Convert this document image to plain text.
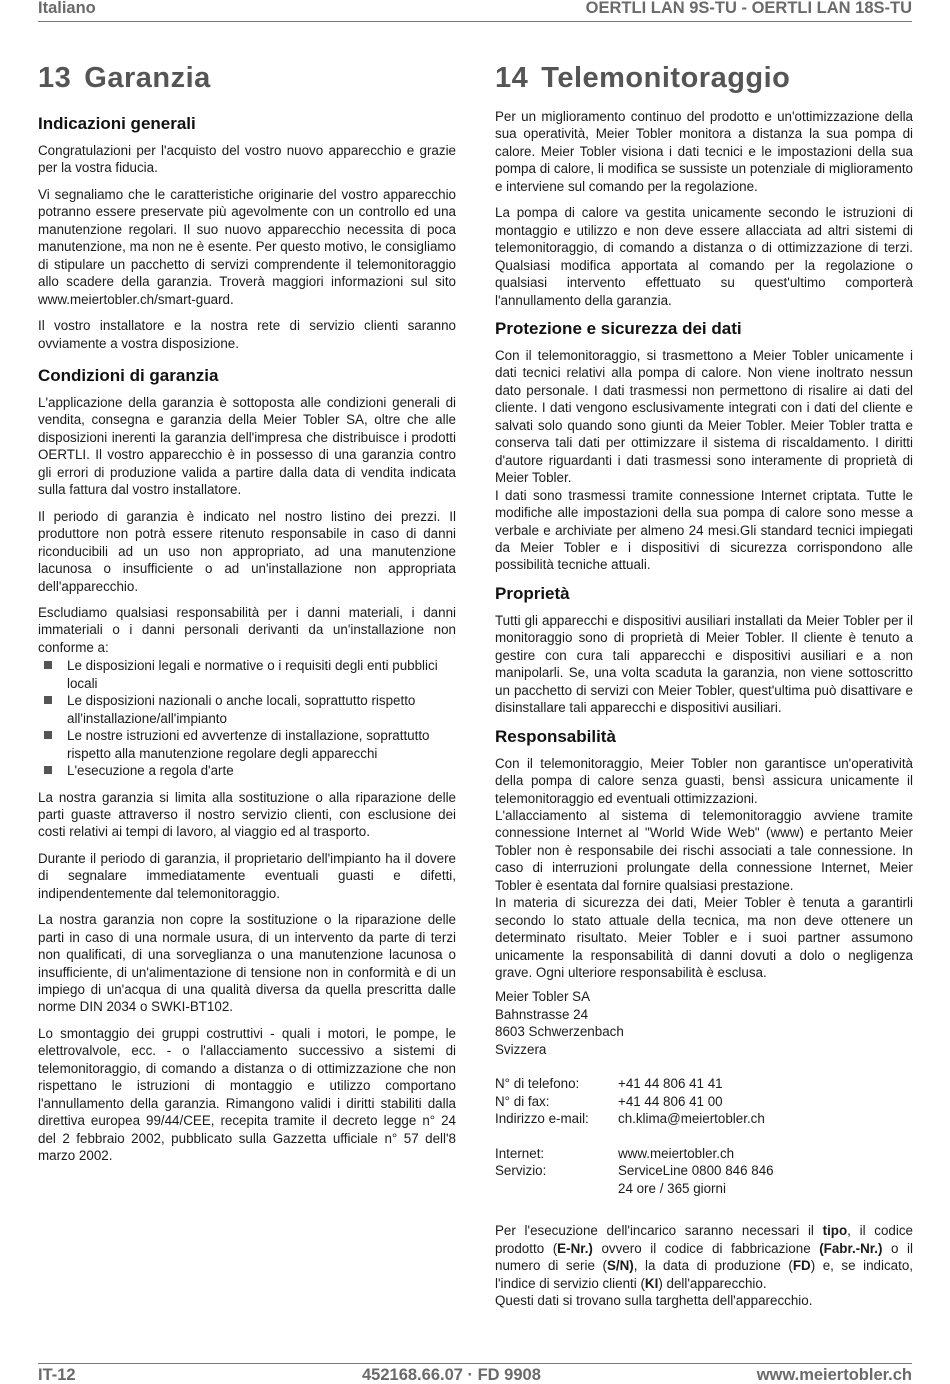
Italiano	OERTLI LAN 9S-TU - OERTLI LAN 18S-TU
13 Garanzia
Indicazioni generali

Congratulazioni per l'acquisto del vostro nuovo apparecchio e grazie per la vostra fiducia.

Vi segnaliamo che le caratteristiche originarie del vostro apparecchio potranno essere preservate più agevolmente con un controllo ed una manutenzione regolari. Il suo nuovo apparecchio necessita di poca manutenzione, ma non ne è esente. Per questo motivo, le consigliamo di stipulare un pacchetto di servizi comprendente il telemonitoraggio allo scadere della garanzia. Troverà maggiori informazioni sul sito www.meiertobler.ch/smart-guard.

Il vostro installatore e la nostra rete di servizio clienti saranno ovviamente a vostra disposizione.

Condizioni di garanzia

L'applicazione della garanzia è sottoposta alle condizioni generali di vendita, consegna e garanzia della Meier Tobler SA, oltre che alle disposizioni inerenti la garanzia dell'impresa che distribuisce i prodotti OERTLI. Il vostro apparecchio è in possesso di una garanzia contro gli errori di produzione valida a partire dalla data di vendita indicata sulla fattura dal vostro installatore.

Il periodo di garanzia è indicato nel nostro listino dei prezzi. Il produttore non potrà essere ritenuto responsabile in caso di danni riconducibili ad un uso non appropriato, ad una manutenzione lacunosa o insufficiente o ad un'installazione non appropriata dell'apparecchio.

Escludiamo qualsiasi responsabilità per i danni materiali, i danni immateriali o i danni personali derivanti da un'installazione non conforme a:

Le disposizioni legali e normative o i requisiti degli enti pubblici locali
Le disposizioni nazionali o anche locali, soprattutto rispetto all'installazione/all'impianto
Le nostre istruzioni ed avvertenze di installazione, soprattutto rispetto alla manutenzione regolare degli apparecchi
L'esecuzione a regola d'arte

La nostra garanzia si limita alla sostituzione o alla riparazione delle parti guaste attraverso il nostro servizio clienti, con esclusione dei costi relativi ai tempi di lavoro, al viaggio ed al trasporto.

Durante il periodo di garanzia, il proprietario dell'impianto ha il dovere di segnalare immediatamente eventuali guasti e difetti, indipendentemente dal telemonitoraggio.

La nostra garanzia non copre la sostituzione o la riparazione delle parti in caso di una normale usura, di un intervento da parte di terzi non qualificati, di una sorveglianza o una manutenzione lacunosa o insufficiente, di un'alimentazione di tensione non in conformità e di un impiego di un'acqua di una qualità diversa da quella prescritta dalle norme DIN 2034 o SWKI-BT102.

Lo smontaggio dei gruppi costruttivi - quali i motori, le pompe, le elettrovalvole, ecc. - o l'allacciamento successivo a sistemi di telemonitoraggio, di comando a distanza o di ottimizzazione che non rispettano le istruzioni di montaggio e utilizzo comportano l'annullamento della garanzia. Rimangono validi i diritti stabiliti dalla direttiva europea 99/44/CEE, recepita tramite il decreto legge n° 24 del 2 febbraio 2002, pubblicato sulla Gazzetta ufficiale n° 57 dell'8 marzo 2002.

14 Telemonitoraggio

Per un miglioramento continuo del prodotto e un'ottimizzazione della sua operatività, Meier Tobler monitora a distanza la sua pompa di calore. Meier Tobler visiona i dati tecnici e le impostazioni della sua pompa di calore, li modifica se sussiste un potenziale di miglioramento e interviene sul comando per la regolazione.

La pompa di calore va gestita unicamente secondo le istruzioni di montaggio e utilizzo e non deve essere allacciata ad altri sistemi di telemonitoraggio, di comando a distanza o di ottimizzazione di terzi. Qualsiasi modifica apportata al comando per la regolazione o qualsiasi intervento effettuato su quest'ultimo comporterà l'annullamento della garanzia.

Protezione e sicurezza dei dati

Con il telemonitoraggio, si trasmettono a Meier Tobler unicamente i dati tecnici relativi alla pompa di calore. Non viene inoltrato nessun dato personale. I dati trasmessi non permettono di risalire ai dati del cliente. I dati vengono esclusivamente integrati con i dati del cliente e salvati solo quando sono giunti da Meier Tobler. Meier Tobler tratta e conserva tali dati per ottimizzare il sistema di riscaldamento. I diritti d'autore riguardanti i dati trasmessi sono interamente di proprietà di Meier Tobler.

I dati sono trasmessi tramite connessione Internet criptata. Tutte le modifiche alle impostazioni della sua pompa di calore sono messe a verbale e archiviate per almeno 24 mesi.Gli standard tecnici impiegati da Meier Tobler e i dispositivi di sicurezza corrispondono alle possibilità tecniche attuali.

Proprietà

Tutti gli apparecchi e dispositivi ausiliari installati da Meier Tobler per il monitoraggio sono di proprietà di Meier Tobler. Il cliente è tenuto a gestire con cura tali apparecchi e dispositivi ausiliari e a non manipolarli. Se, una volta scaduta la garanzia, non viene sottoscritto un pacchetto di servizi con Meier Tobler, quest'ultima può disattivare e disinstallare tali apparecchi e dispositivi ausiliari.

Responsabilità

Con il telemonitoraggio, Meier Tobler non garantisce un'operatività della pompa di calore senza guasti, bensì assicura unicamente il telemonitoraggio ed eventuali ottimizzazioni.

L'allacciamento al sistema di telemonitoraggio avviene tramite connessione Internet al "World Wide Web" (www) e pertanto Meier Tobler non è responsabile dei rischi associati a tale connessione. In caso di interruzioni prolungate della connessione Internet, Meier Tobler è esentata dal fornire qualsiasi prestazione.

In materia di sicurezza dei dati, Meier Tobler è tenuta a garantirli secondo lo stato attuale della tecnica, ma non deve ottenere un determinato risultato. Meier Tobler e i suoi partner assumono unicamente la responsabilità di danni dovuti a dolo o negligenza grave. Ogni ulteriore responsabilità è esclusa.

Meier Tobler SA
Bahnstrasse 24
8603 Schwerzenbach
Svizzera
N° di telefono:	+41 44 806 41 41
N° di fax:	+41 44 806 41 00
Indirizzo e-mail:	ch.klima@meiertobler.ch

Internet:	www.meiertobler.ch
Servizio:	ServiceLine 0800 846 846
	24 ore / 365 giorni

Per l'esecuzione dell'incarico saranno necessari il tipo, il codice prodotto (E-Nr.) ovvero il codice di fabbricazione (Fabr.-Nr.) o il numero di serie (S/N), la data di produzione (FD) e, se indicato, l'indice di servizio clienti (KI) dell'apparecchio.

Questi dati si trovano sulla targhetta dell'apparecchio.

IT-12	452168.66.07 · FD 9908	www.meiertobler.ch
